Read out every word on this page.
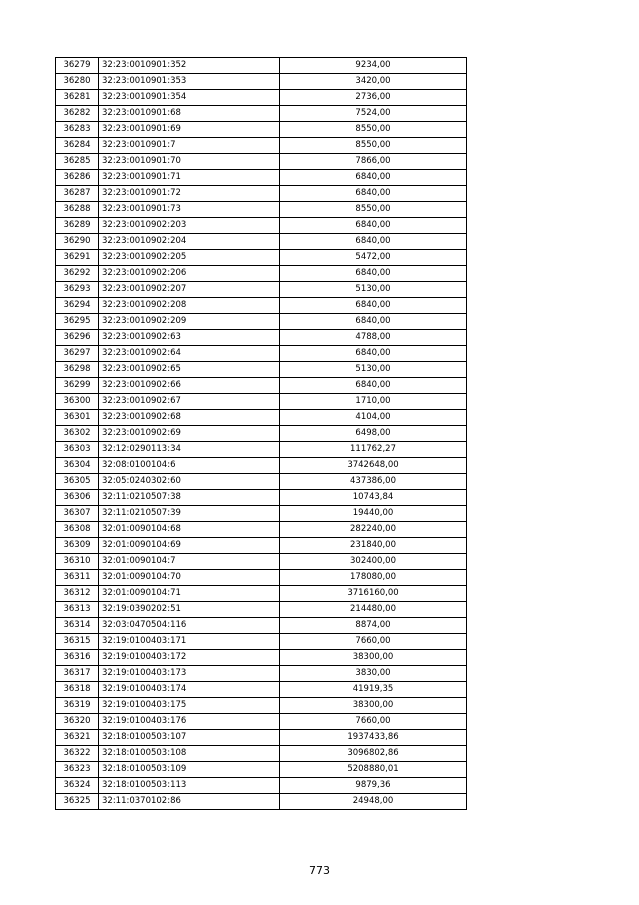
36279	32:23:0010901:352	9234,00
36280	32:23:0010901:353	3420,00
36281	32:23:0010901:354	2736,00
36282	32:23:0010901:68	7524,00
36283	32:23:0010901:69	8550,00
36284	32:23:0010901:7	8550,00
36285	32:23:0010901:70	7866,00
36286	32:23:0010901:71	6840,00
36287	32:23:0010901:72	6840,00
36288	32:23:0010901:73	8550,00
36289	32:23:0010902:203	6840,00
36290	32:23:0010902:204	6840,00
36291	32:23:0010902:205	5472,00
36292	32:23:0010902:206	6840,00
36293	32:23:0010902:207	5130,00
36294	32:23:0010902:208	6840,00
36295	32:23:0010902:209	6840,00
36296	32:23:0010902:63	4788,00
36297	32:23:0010902:64	6840,00
36298	32:23:0010902:65	5130,00
36299	32:23:0010902:66	6840,00
36300	32:23:0010902:67	1710,00
36301	32:23:0010902:68	4104,00
36302	32:23:0010902:69	6498,00
36303	32:12:0290113:34	111762,27
36304	32:08:0100104:6	3742648,00
36305	32:05:0240302:60	437386,00
36306	32:11:0210507:38	10743,84
36307	32:11:0210507:39	19440,00
36308	32:01:0090104:68	282240,00
36309	32:01:0090104:69	231840,00
36310	32:01:0090104:7	302400,00
36311	32:01:0090104:70	178080,00
36312	32:01:0090104:71	3716160,00
36313	32:19:0390202:51	214480,00
36314	32:03:0470504:116	8874,00
36315	32:19:0100403:171	7660,00
36316	32:19:0100403:172	38300,00
36317	32:19:0100403:173	3830,00
36318	32:19:0100403:174	41919,35
36319	32:19:0100403:175	38300,00
36320	32:19:0100403:176	7660,00
36321	32:18:0100503:107	1937433,86
36322	32:18:0100503:108	3096802,86
36323	32:18:0100503:109	5208880,01
36324	32:18:0100503:113	9879,36
36325	32:11:0370102:86	24948,00
773
